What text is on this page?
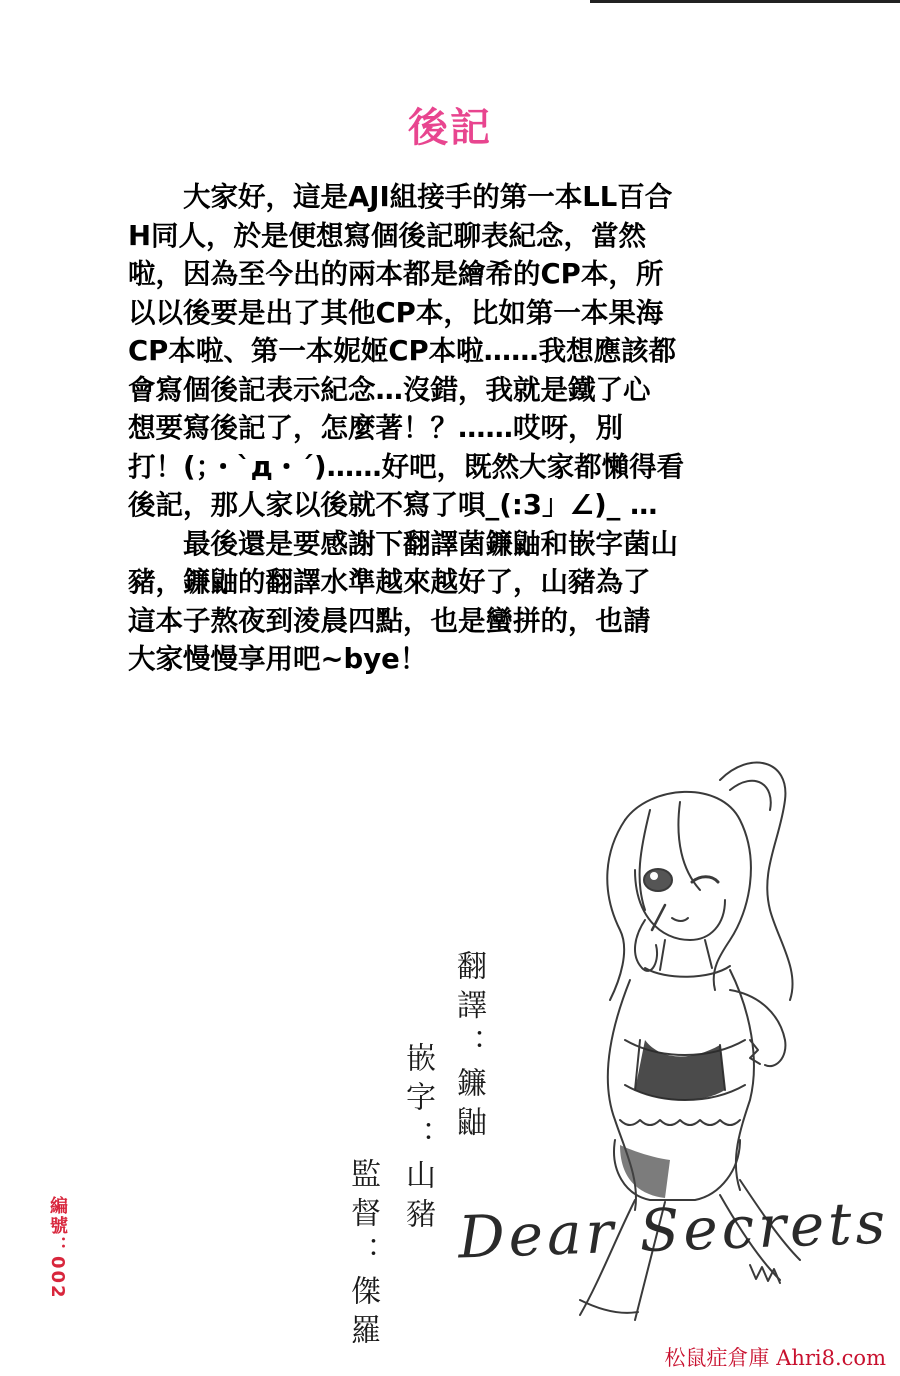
後記
　　大家好，這是AJI組接手的第一本LL百合
H同人，於是便想寫個後記聊表紀念，當然
啦，因為至今出的兩本都是繪希的CP本，所
以以後要是出了其他CP本，比如第一本果海
CP本啦、第一本妮姬CP本啦……我想應該都
會寫個後記表示紀念…沒錯，我就是鐵了心
想要寫後記了，怎麼著！？……哎呀，別
打！(；・`д・´)……好吧，既然大家都懶得看
後記，那人家以後就不寫了唄_(:3」∠)_ …
　　最後還是要感謝下翻譯菌鐮鼬和嵌字菌山
豬，鐮鼬的翻譯水準越來越好了，山豬為了
這本子熬夜到淩晨四點，也是蠻拼的，也請
大家慢慢享用吧~bye！
Dear Secrets
翻譯：鐮鼬
嵌字：山豬
監督：傑羅
編號：002
松鼠症倉庫 Ahri8.com
